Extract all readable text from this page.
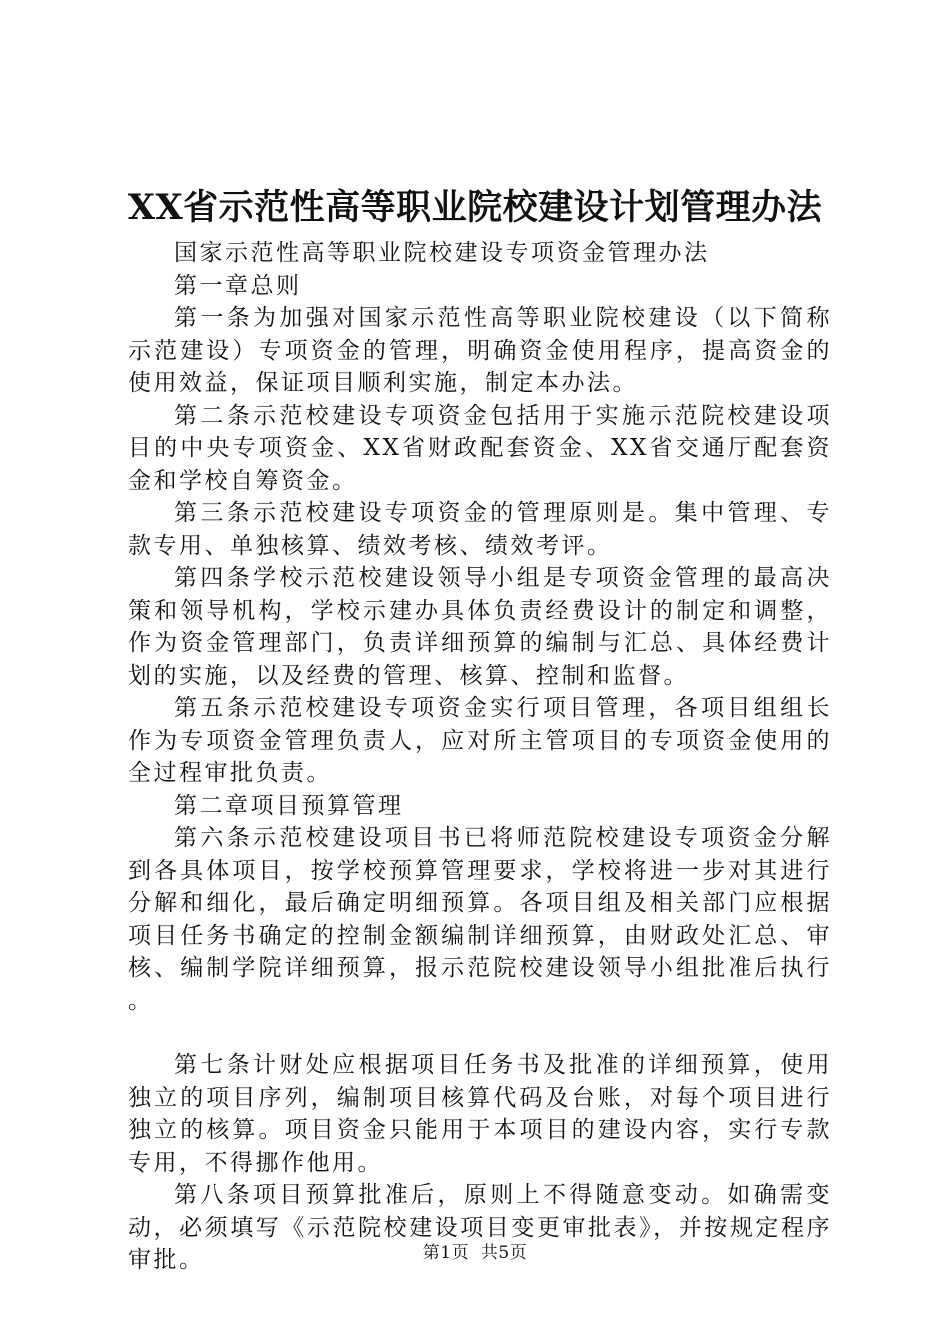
XX省示范性高等职业院校建设计划管理办法

国家示范性高等职业院校建设专项资金管理办法

第一章总则

第一条为加强对国家示范性高等职业院校建设（以下简称示范建设）专项资金的管理，明确资金使用程序，提高资金的使用效益，保证项目顺利实施，制定本办法。

第二条示范校建设专项资金包括用于实施示范院校建设项目的中央专项资金、XX省财政配套资金、XX省交通厅配套资金和学校自筹资金。

第三条示范校建设专项资金的管理原则是。集中管理、专款专用、单独核算、绩效考核、绩效考评。

第四条学校示范校建设领导小组是专项资金管理的最高决策和领导机构，学校示建办具体负责经费设计的制定和调整，作为资金管理部门，负责详细预算的编制与汇总、具体经费计划的实施，以及经费的管理、核算、控制和监督。

第五条示范校建设专项资金实行项目管理，各项目组组长作为专项资金管理负责人，应对所主管项目的专项资金使用的全过程审批负责。

第二章项目预算管理

第六条示范校建设项目书已将师范院校建设专项资金分解到各具体项目，按学校预算管理要求，学校将进一步对其进行分解和细化，最后确定明细预算。各项目组及相关部门应根据项目任务书确定的控制金额编制详细预算，由财政处汇总、审核、编制学院详细预算，报示范院校建设领导小组批准后执行。

第七条计财处应根据项目任务书及批准的详细预算，使用独立的项目序列，编制项目核算代码及台账，对每个项目进行独立的核算。项目资金只能用于本项目的建设内容，实行专款专用，不得挪作他用。

第八条项目预算批准后，原则上不得随意变动。如确需变动，必须填写《示范院校建设项目变更审批表》，并按规定程序审批。	第1页  共5页
